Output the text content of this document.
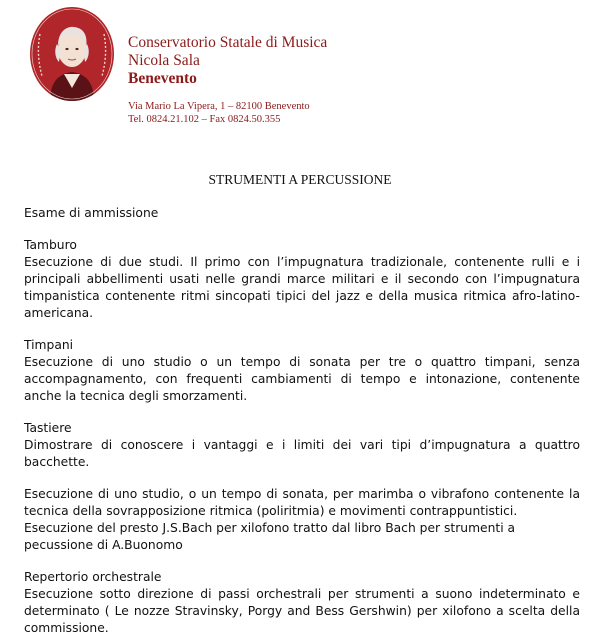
Conservatorio Statale di Musica
Nicola Sala
Benevento
Via Mario La Vipera, 1 – 82100 Benevento
Tel. 0824.21.102 – Fax 0824.50.355
STRUMENTI A PERCUSSIONE

Esame di ammissione

Tamburo

Esecuzione di due studi. Il primo con l’impugnatura tradizionale, contenente rulli e i principali abbellimenti usati nelle grandi marce militari e il secondo con l’impugnatura timpanistica contenente ritmi sincopati tipici del jazz e della musica ritmica afro-latino-americana.

Timpani

Esecuzione di uno studio o un tempo di sonata per tre o quattro timpani, senza accompagnamento, con frequenti cambiamenti di tempo e intonazione, contenente anche la tecnica degli smorzamenti.

Tastiere

Dimostrare di conoscere i vantaggi e i limiti dei vari tipi d’impugnatura a quattro bacchette.

Esecuzione di uno studio, o un tempo di sonata, per marimba o vibrafono contenente la tecnica della sovrapposizione ritmica (poliritmia) e movimenti contrappuntistici.

Esecuzione del presto J.S.Bach per xilofono tratto dal libro Bach per strumenti a pecussione di A.Buonomo

Repertorio orchestrale

Esecuzione sotto direzione di passi orchestrali per strumenti a suono indeterminato e determinato ( Le nozze Stravinsky, Porgy and Bess Gershwin) per xilofono a scelta della commissione.
